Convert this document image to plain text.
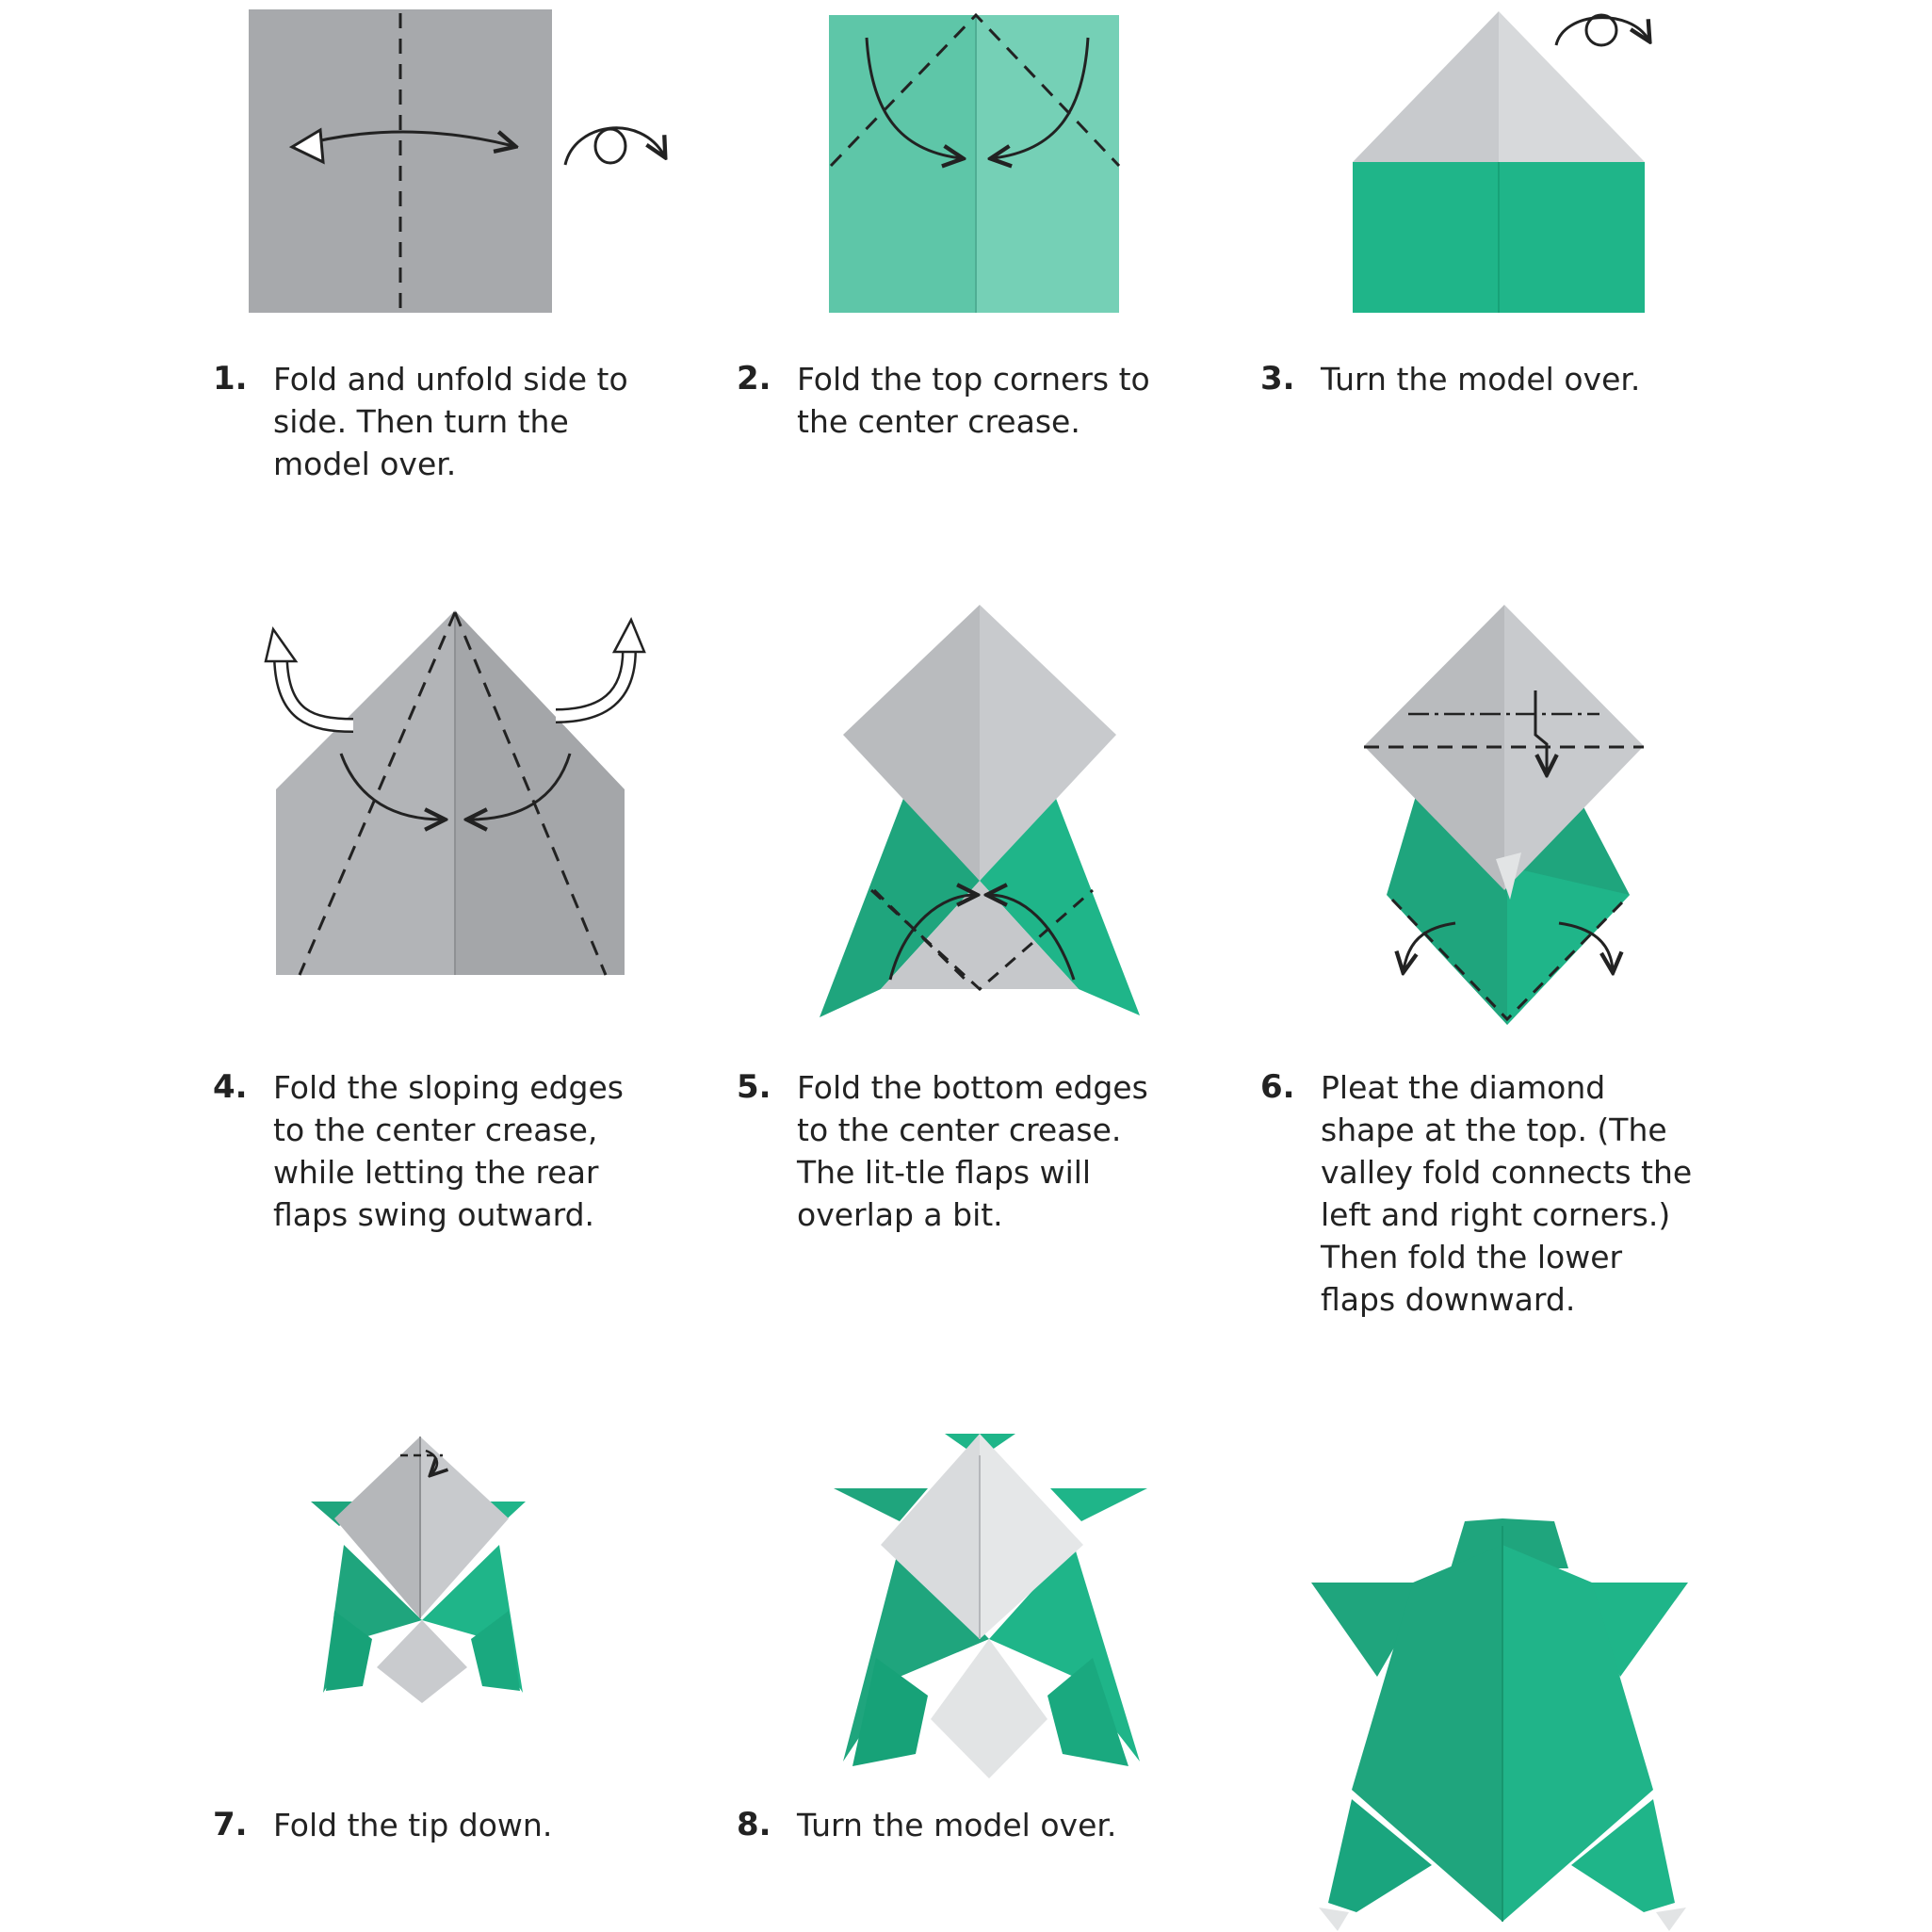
1. Fold and unfold side to side. Then turn the model over.
2. Fold the top corners to the center crease.
3. Turn the model over.
4. Fold the sloping edges to the center crease, while letting the rear flaps swing outward.
5. Fold the bottom edges to the center crease. The lit-tle flaps will overlap a bit.
6. Pleat the diamond shape at the top. (The valley fold connects the left and right corners.) Then fold the lower flaps downward.
7. Fold the tip down.	8. Turn the model over.
